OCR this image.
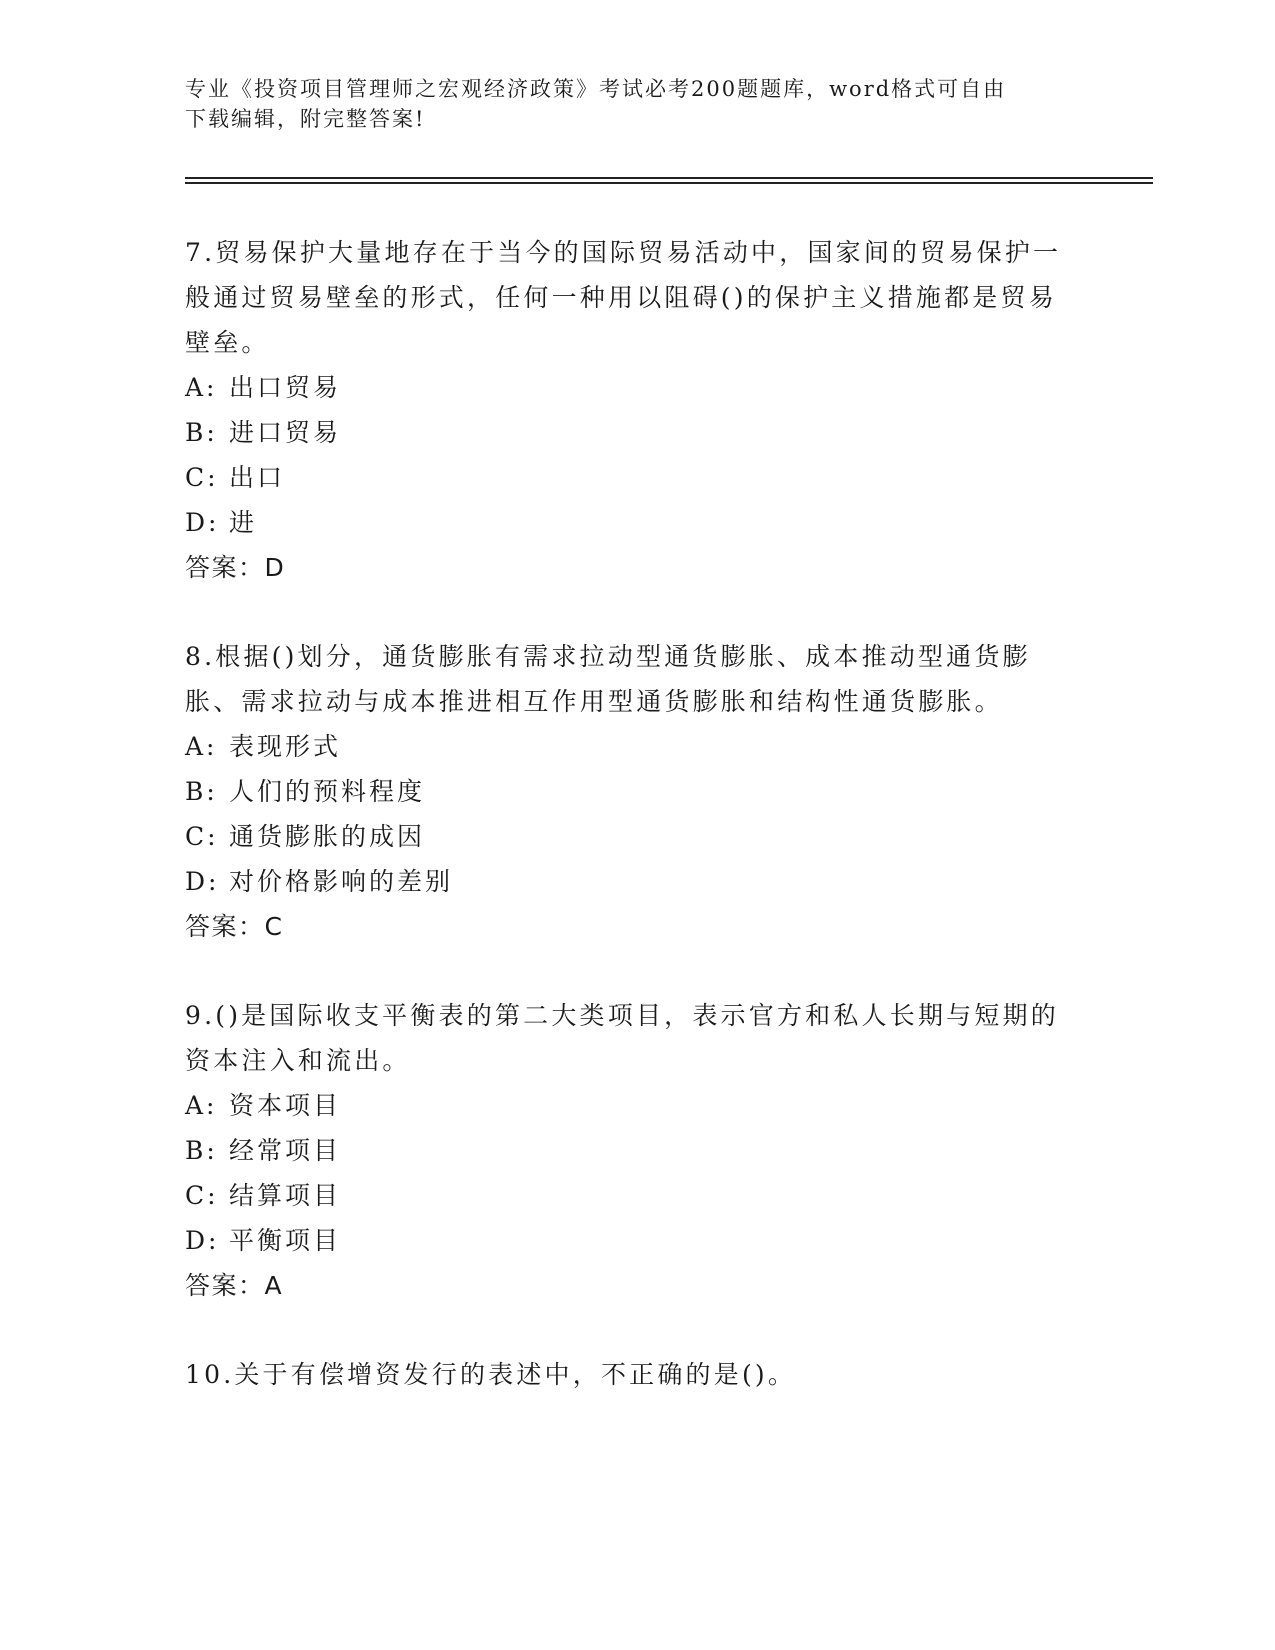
专业《投资项目管理师之宏观经济政策》考试必考200题题库，word格式可自由
下载编辑，附完整答案!

7.贸易保护大量地存在于当今的国际贸易活动中，国家间的贸易保护一般通过贸易壁垒的形式，任何一种用以阻碍()的保护主义措施都是贸易壁垒。

A: 出口贸易

B: 进口贸易

C: 出口

D: 进

答案：D

8.根据()划分，通货膨胀有需求拉动型通货膨胀、成本推动型通货膨胀、需求拉动与成本推进相互作用型通货膨胀和结构性通货膨胀。

A: 表现形式

B: 人们的预料程度

C: 通货膨胀的成因

D: 对价格影响的差别

答案：C

9.()是国际收支平衡表的第二大类项目，表示官方和私人长期与短期的资本注入和流出。

A: 资本项目

B: 经常项目

C: 结算项目

D: 平衡项目

答案：A

10.关于有偿增资发行的表述中，不正确的是()。
